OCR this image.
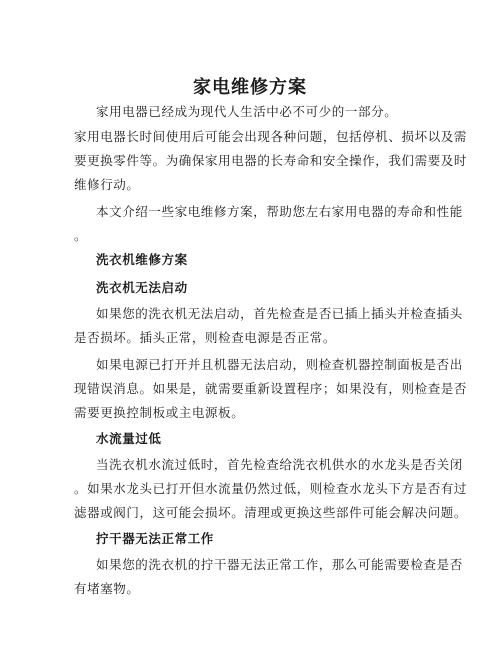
家电维修方案
家用电器已经成为现代人生活中必不可少的一部分。
家用电器长时间使用后可能会出现各种问题，包括停机、损坏以及需
要更换零件等。为确保家用电器的长寿命和安全操作，我们需要及时
维修行动。
本文介绍一些家电维修方案，帮助您左右家用电器的寿命和性能
。
洗衣机维修方案
洗衣机无法启动
如果您的洗衣机无法启动，首先检查是否已插上插头并检查插头
是否损坏。插头正常，则检查电源是否正常。
如果电源已打开并且机器无法启动，则检查机器控制面板是否出
现错误消息。如果是，就需要重新设置程序；如果没有，则检查是否
需要更换控制板或主电源板。
水流量过低
当洗衣机水流过低时，首先检查给洗衣机供水的水龙头是否关闭
。如果水龙头已打开但水流量仍然过低，则检查水龙头下方是否有过
滤器或阀门，这可能会损坏。清理或更换这些部件可能会解决问题。
拧干器无法正常工作
如果您的洗衣机的拧干器无法正常工作，那么可能需要检查是否
有堵塞物。
